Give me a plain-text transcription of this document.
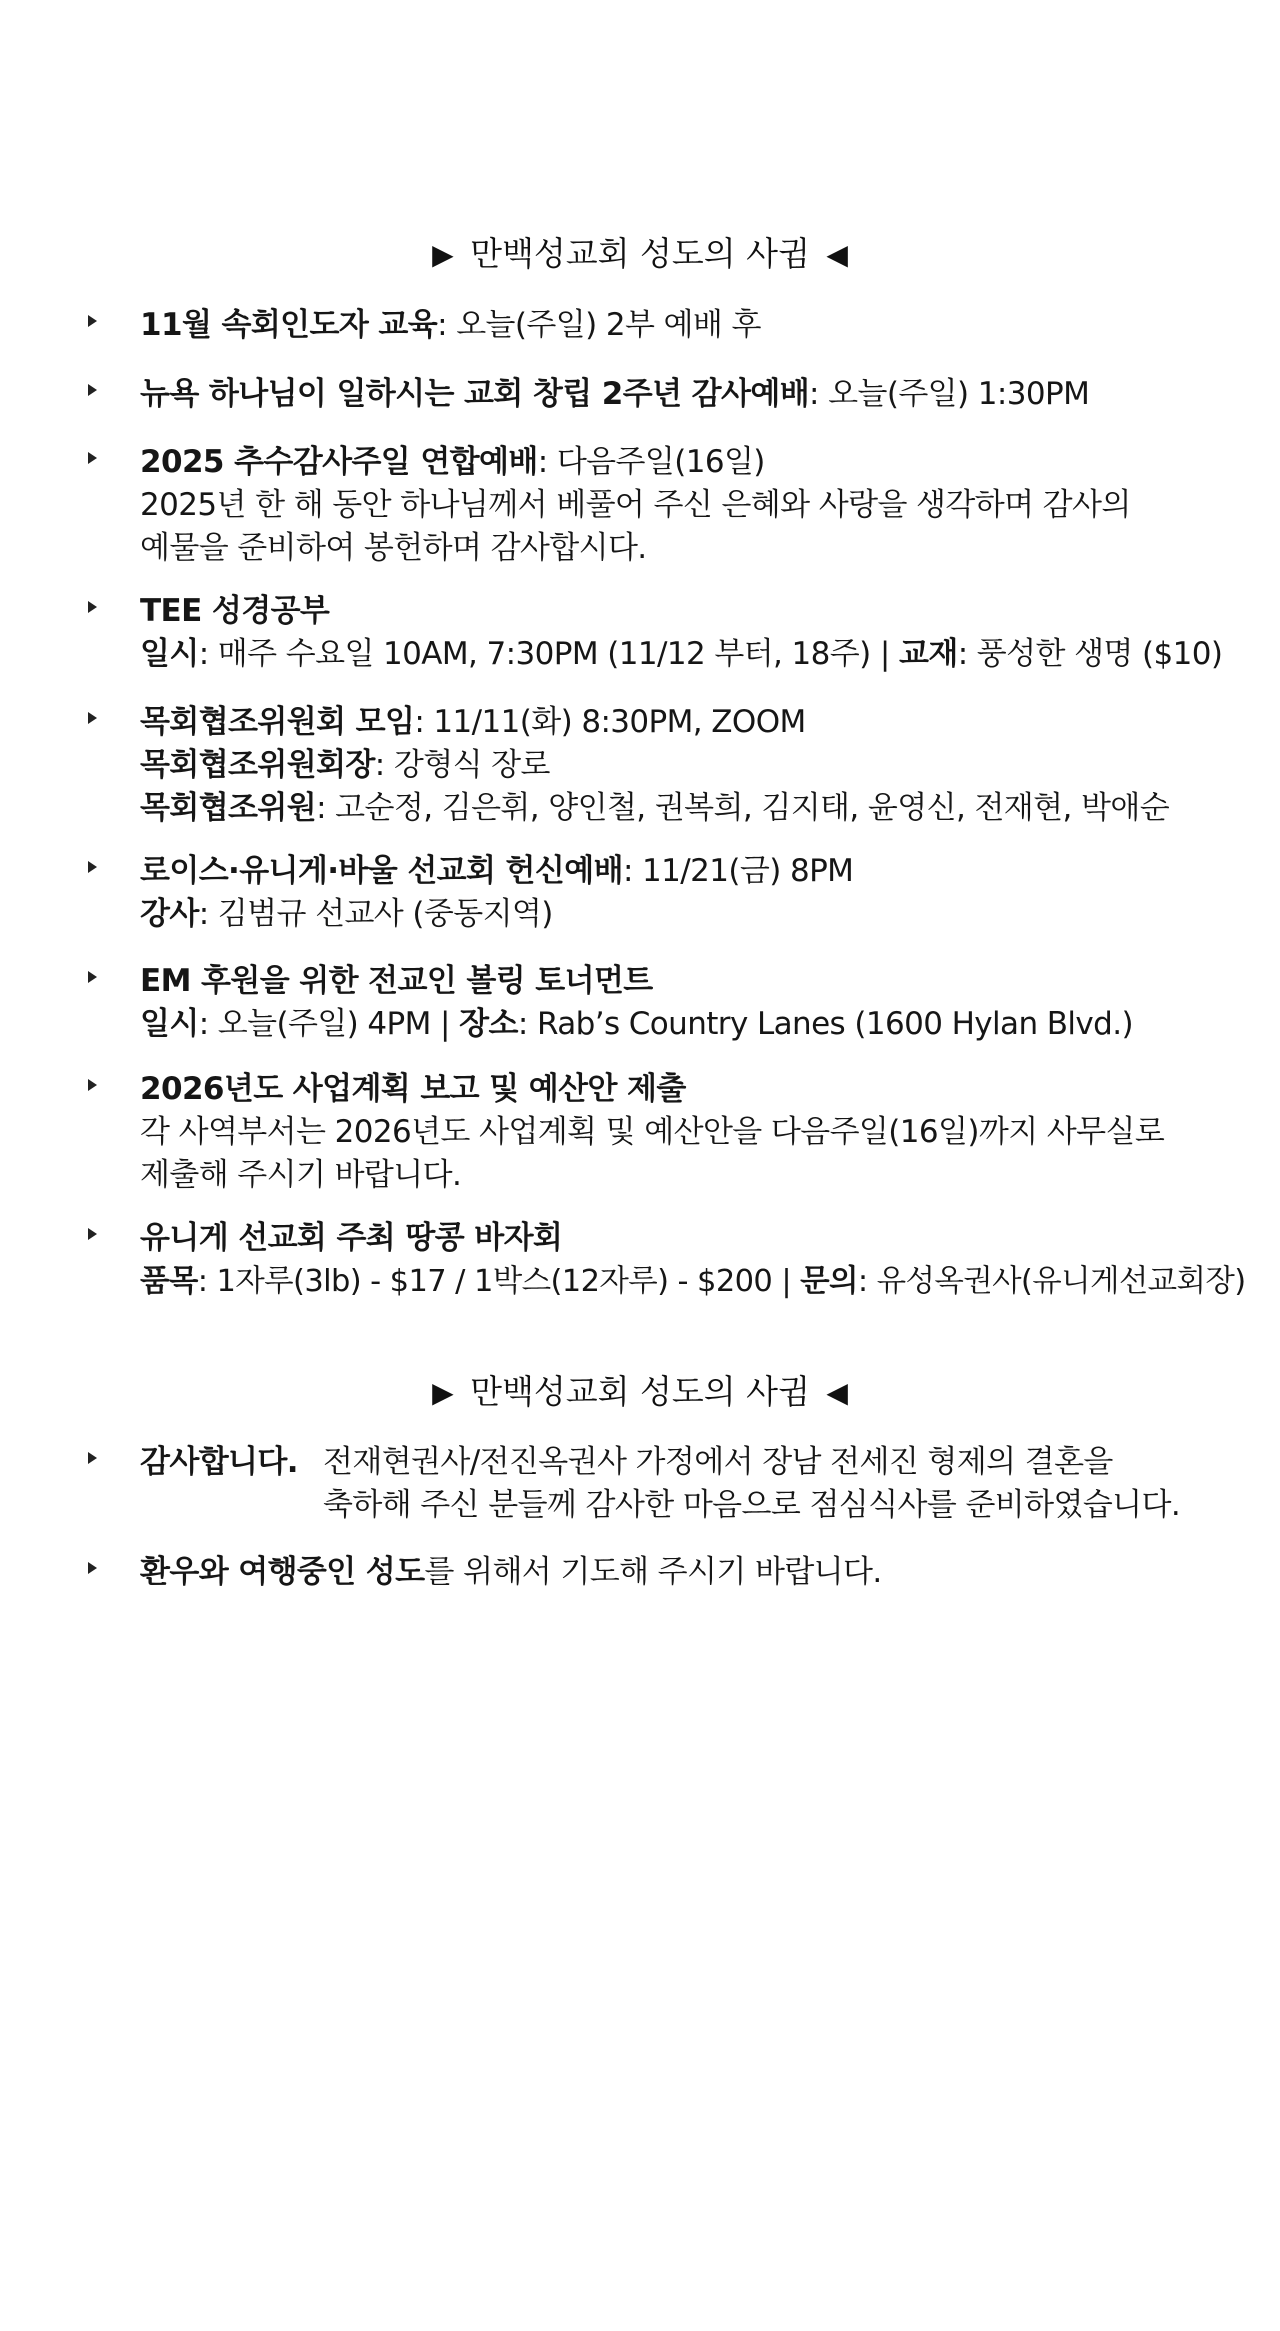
▶ 만백성교회 성도의 사귐 ◀
11월 속회인도자 교육: 오늘(주일) 2부 예배 후
뉴욕 하나님이 일하시는 교회 창립 2주년 감사예배: 오늘(주일) 1:30PM
2025 추수감사주일 연합예배: 다음주일(16일)
2025년 한 해 동안 하나님께서 베풀어 주신 은혜와 사랑을 생각하며 감사의
예물을 준비하여 봉헌하며 감사합시다.
TEE 성경공부
일시: 매주 수요일 10AM, 7:30PM (11/12 부터, 18주) | 교재: 풍성한 생명 ($10)
목회협조위원회 모임: 11/11(화) 8:30PM, ZOOM
목회협조위원회장: 강형식 장로
목회협조위원: 고순정, 김은휘, 양인철, 권복희, 김지태, 윤영신, 전재현, 박애순
로이스·유니게·바울 선교회 헌신예배: 11/21(금) 8PM
강사: 김범규 선교사 (중동지역)
EM 후원을 위한 전교인 볼링 토너먼트
일시: 오늘(주일) 4PM | 장소: Rab’s Country Lanes (1600 Hylan Blvd.)
2026년도 사업계획 보고 및 예산안 제출
각 사역부서는 2026년도 사업계획 및 예산안을 다음주일(16일)까지 사무실로
제출해 주시기 바랍니다.
유니게 선교회 주최 땅콩 바자회
품목: 1자루(3lb) - $17 / 1박스(12자루) - $200 | 문의: 유성옥권사(유니게선교회장)
▶ 만백성교회 성도의 사귐 ◀
감사합니다. 전재현권사/전진옥권사 가정에서 장남 전세진 형제의 결혼을
축하해 주신 분들께 감사한 마음으로 점심식사를 준비하였습니다.
환우와 여행중인 성도를 위해서 기도해 주시기 바랍니다.
